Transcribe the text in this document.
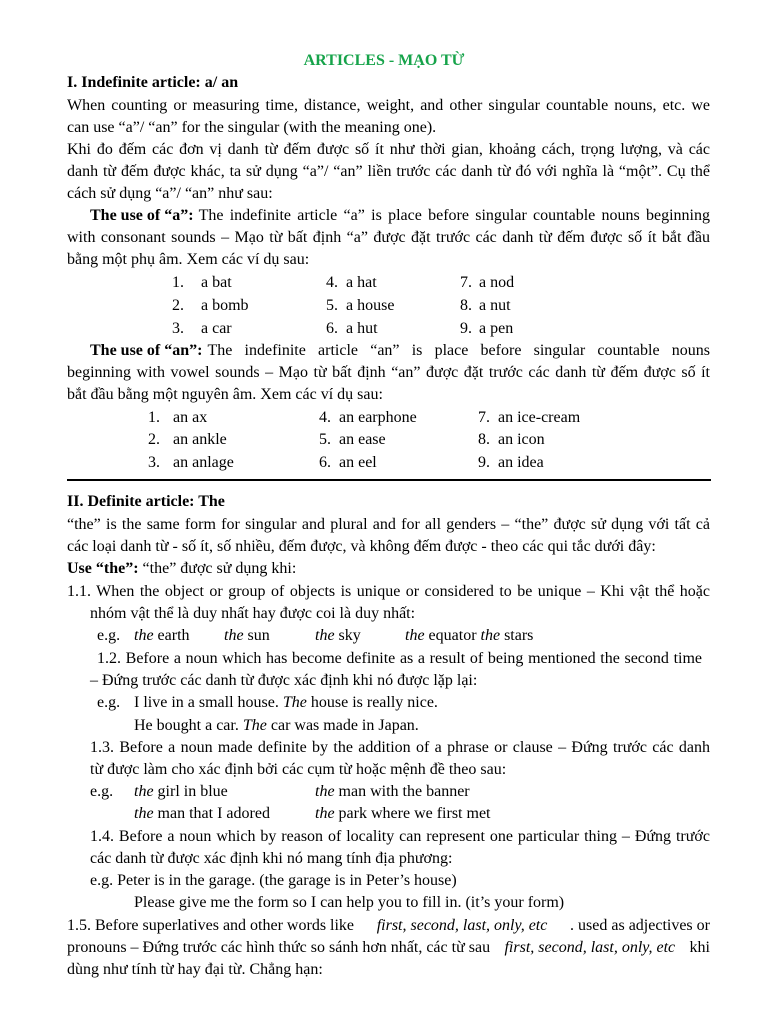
ARTICLES - MẠO TỪ
I. Indefinite article: a/ an
When counting or measuring time, distance, weight, and other singular countable nouns, etc. we
can use “a”/ “an” for the singular (with the meaning one).
Khi đo đếm các đơn vị danh từ đếm được số ít như thời gian, khoảng cách, trọng lượng, và các
danh từ đếm được khác, ta sử dụng “a”/ “an” liền trước các danh từ đó với nghĩa là “một”. Cụ thể
cách sử dụng “a”/ “an” như sau:
The use of “a”: The indefinite article “a” is place before singular countable nouns beginning
with consonant sounds – Mạo từ bất định “a” được đặt trước các danh từ đếm được số ít bắt đầu
bằng một phụ âm. Xem các ví dụ sau:
1. a bat	4. a hat	7. a nod
2. a bomb	5. a house	8. a nut
3. a car	6. a hut	9. a pen
The use of “an”: The indefinite article “an” is place before singular countable nouns
beginning with vowel sounds – Mạo từ bất định “an” được đặt trước các danh từ đếm được số ít
bắt đầu bằng một nguyên âm. Xem các ví dụ sau:
1. an ax	4. an earphone	7. an ice-cream
2. an ankle	5. an ease	8. an icon
3. an anlage	6. an eel	9. an idea
II. Definite article: The
“the” is the same form for singular and plural and for all genders – “the” được sử dụng với tất cả
các loại danh từ - số ít, số nhiều, đếm được, và không đếm được - theo các qui tắc dưới đây:
Use “the”: “the” được sử dụng khi:
1.1. When the object or group of objects is unique or considered to be unique – Khi vật thể hoặc
nhóm vật thể là duy nhất hay được coi là duy nhất:
e.g. the earth the sun	the sky	the equator the stars
1.2. Before a noun which has become definite as a result of being mentioned the second time
– Đứng trước các danh từ được xác định khi nó được lặp lại:
e.g. I live in a small house. The house is really nice.
He bought a car. The car was made in Japan.
1.3. Before a noun made definite by the addition of a phrase or clause – Đứng trước các danh
từ được làm cho xác định bởi các cụm từ hoặc mệnh đề theo sau:
e.g. the girl in blue	the man with the banner
the man that I adored	the park where we first met
1.4. Before a noun which by reason of locality can represent one particular thing – Đứng trước
các danh từ được xác định khi nó mang tính địa phương:
e.g. Peter is in the garage. (the garage is in Peter’s house)
Please give me the form so I can help you to fill in. (it’s your form)
1.5. Before superlatives and other words like first, second, last, only, etc . used as adjectives or
pronouns – Đứng trước các hình thức so sánh hơn nhất, các từ sau first, second, last, only, etc khi
dùng như tính từ hay đại từ. Chẳng hạn:
